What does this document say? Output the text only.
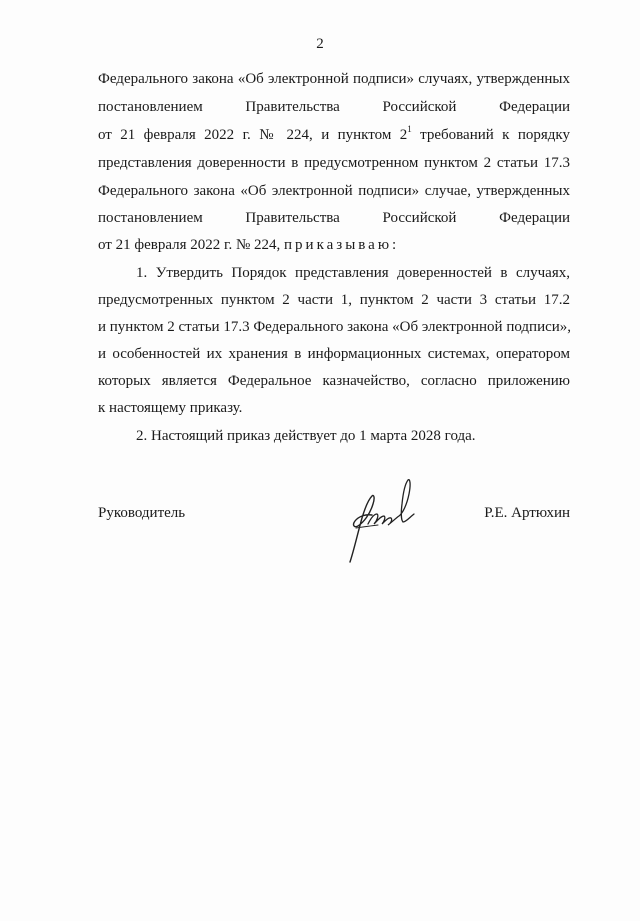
2
Федерального закона «Об электронной подписи» случаях, утвержденных
постановлением Правительства Российской Федерации
от 21 февраля 2022 г. № 224, и пунктом $2^1$ требований к порядку
представления доверенности в предусмотренном пунктом 2 статьи 17.3
Федерального закона «Об электронной подписи» случае, утвержденных
постановлением Правительства Российской Федерации
от 21 февраля 2022 г. № 224, приказываю:
1. Утвердить Порядок представления доверенностей в случаях,
предусмотренных пунктом 2 части 1, пунктом 2 части 3 статьи 17.2
и пунктом 2 статьи 17.3 Федерального закона «Об электронной подписи»,
и особенностей их хранения в информационных системах, оператором
которых является Федеральное казначейство, согласно приложению
к настоящему приказу.
2. Настоящий приказ действует до 1 марта 2028 года.
Руководитель	Р.Е. Артюхин
